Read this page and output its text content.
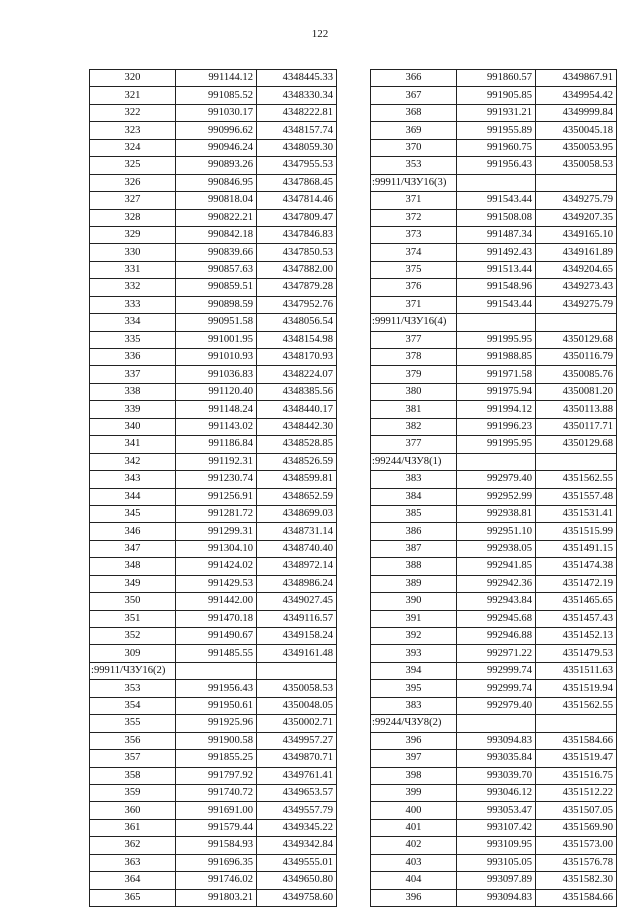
122
320	991144.12	4348445.33
321	991085.52	4348330.34
322	991030.17	4348222.81
323	990996.62	4348157.74
324	990946.24	4348059.30
325	990893.26	4347955.53
326	990846.95	4347868.45
327	990818.04	4347814.46
328	990822.21	4347809.47
329	990842.18	4347846.83
330	990839.66	4347850.53
331	990857.63	4347882.00
332	990859.51	4347879.28
333	990898.59	4347952.76
334	990951.58	4348056.54
335	991001.95	4348154.98
336	991010.93	4348170.93
337	991036.83	4348224.07
338	991120.40	4348385.56
339	991148.24	4348440.17
340	991143.02	4348442.30
341	991186.84	4348528.85
342	991192.31	4348526.59
343	991230.74	4348599.81
344	991256.91	4348652.59
345	991281.72	4348699.03
346	991299.31	4348731.14
347	991304.10	4348740.40
348	991424.02	4348972.14
349	991429.53	4348986.24
350	991442.00	4349027.45
351	991470.18	4349116.57
352	991490.67	4349158.24
309	991485.55	4349161.48
:99911/ЧЗУ16(2)		
353	991956.43	4350058.53
354	991950.61	4350048.05
355	991925.96	4350002.71
356	991900.58	4349957.27
357	991855.25	4349870.71
358	991797.92	4349761.41
359	991740.72	4349653.57
360	991691.00	4349557.79
361	991579.44	4349345.22
362	991584.93	4349342.84
363	991696.35	4349555.01
364	991746.02	4349650.80
365	991803.21	4349758.60
366	991860.57	4349867.91
367	991905.85	4349954.42
368	991931.21	4349999.84
369	991955.89	4350045.18
370	991960.75	4350053.95
353	991956.43	4350058.53
:99911/ЧЗУ16(3)		
371	991543.44	4349275.79
372	991508.08	4349207.35
373	991487.34	4349165.10
374	991492.43	4349161.89
375	991513.44	4349204.65
376	991548.96	4349273.43
371	991543.44	4349275.79
:99911/ЧЗУ16(4)		
377	991995.95	4350129.68
378	991988.85	4350116.79
379	991971.58	4350085.76
380	991975.94	4350081.20
381	991994.12	4350113.88
382	991996.23	4350117.71
377	991995.95	4350129.68
:99244/ЧЗУ8(1)		
383	992979.40	4351562.55
384	992952.99	4351557.48
385	992938.81	4351531.41
386	992951.10	4351515.99
387	992938.05	4351491.15
388	992941.85	4351474.38
389	992942.36	4351472.19
390	992943.84	4351465.65
391	992945.68	4351457.43
392	992946.88	4351452.13
393	992971.22	4351479.53
394	992999.74	4351511.63
395	992999.74	4351519.94
383	992979.40	4351562.55
:99244/ЧЗУ8(2)		
396	993094.83	4351584.66
397	993035.84	4351519.47
398	993039.70	4351516.75
399	993046.12	4351512.22
400	993053.47	4351507.05
401	993107.42	4351569.90
402	993109.95	4351573.00
403	993105.05	4351576.78
404	993097.89	4351582.30
396	993094.83	4351584.66
